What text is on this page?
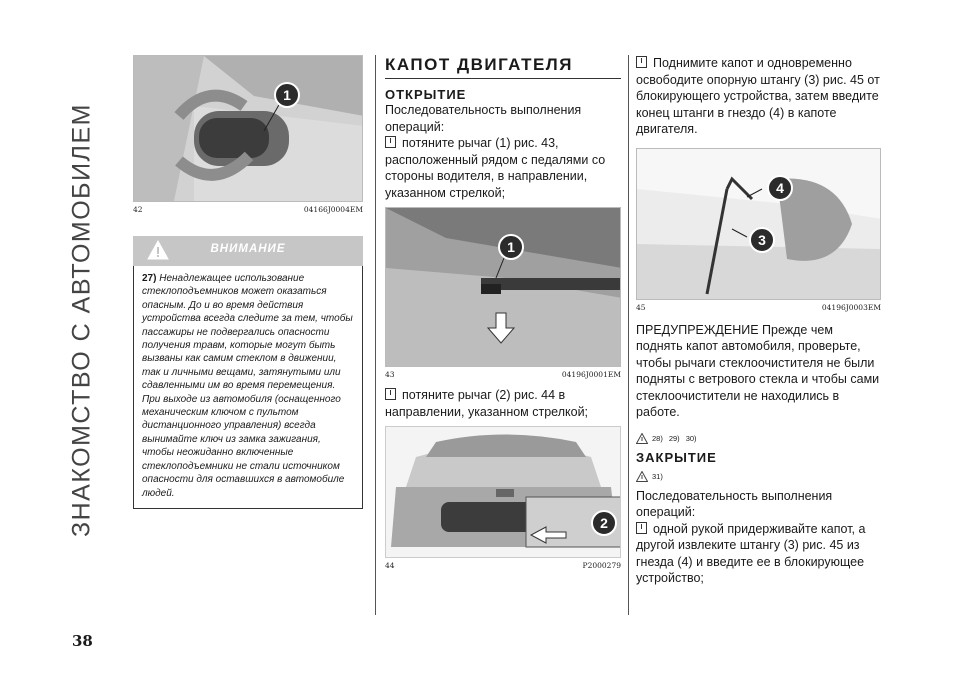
ЗНАКОМСТВО С АВТОМОБИЛЕМ
38
1
42	04166J0004EM
ВНИМАНИЕ
27) Ненадлежащее использование стеклоподъемников может оказаться опасным. До и во время действия устройства всегда следите за тем, чтобы пассажиры не подвергались опасности получения травм, которые могут быть вызваны как самим стеклом в движении, так и личными вещами, затянутыми или сдавленными им во время перемещения. При выходе из автомобиля (оснащенного механическим ключом с пультом дистанционного управления) всегда вынимайте ключ из замка зажигания, чтобы неожиданно включенные стеклоподъемники не стали источником опасности для оставшихся в автомобиле людей.
КАПОТ ДВИГАТЕЛЯ
ОТКРЫТИЕ

Последовательность выполнения операций:

потяните рычаг (1) рис. 43, расположенный рядом с педалями со стороны водителя, в направлении, указанном стрелкой;

1
43	04196J0001EM

потяните рычаг (2) рис. 44 в направлении, указанном стрелкой;

2
44	P2000279

Поднимите капот и одновременно освободите опорную штангу (3) рис. 45 от блокирующего устройства, затем введите конец штанги в гнездо (4) в капоте двигателя.

4
3
45	04196J0003EM

ПРЕДУПРЕЖДЕНИЕ Прежде чем поднять капот автомобиля, проверьте, чтобы рычаги стеклоочистителя не были подняты с ветрового стекла и чтобы сами стеклоочистители не находились в работе.

28) 29) 30)
ЗАКРЫТИЕ
31)

Последовательность выполнения операций:

одной рукой придерживайте капот, а другой извлеките штангу (3) рис. 45 из гнезда (4) и введите ее в блокирующее устройство;
